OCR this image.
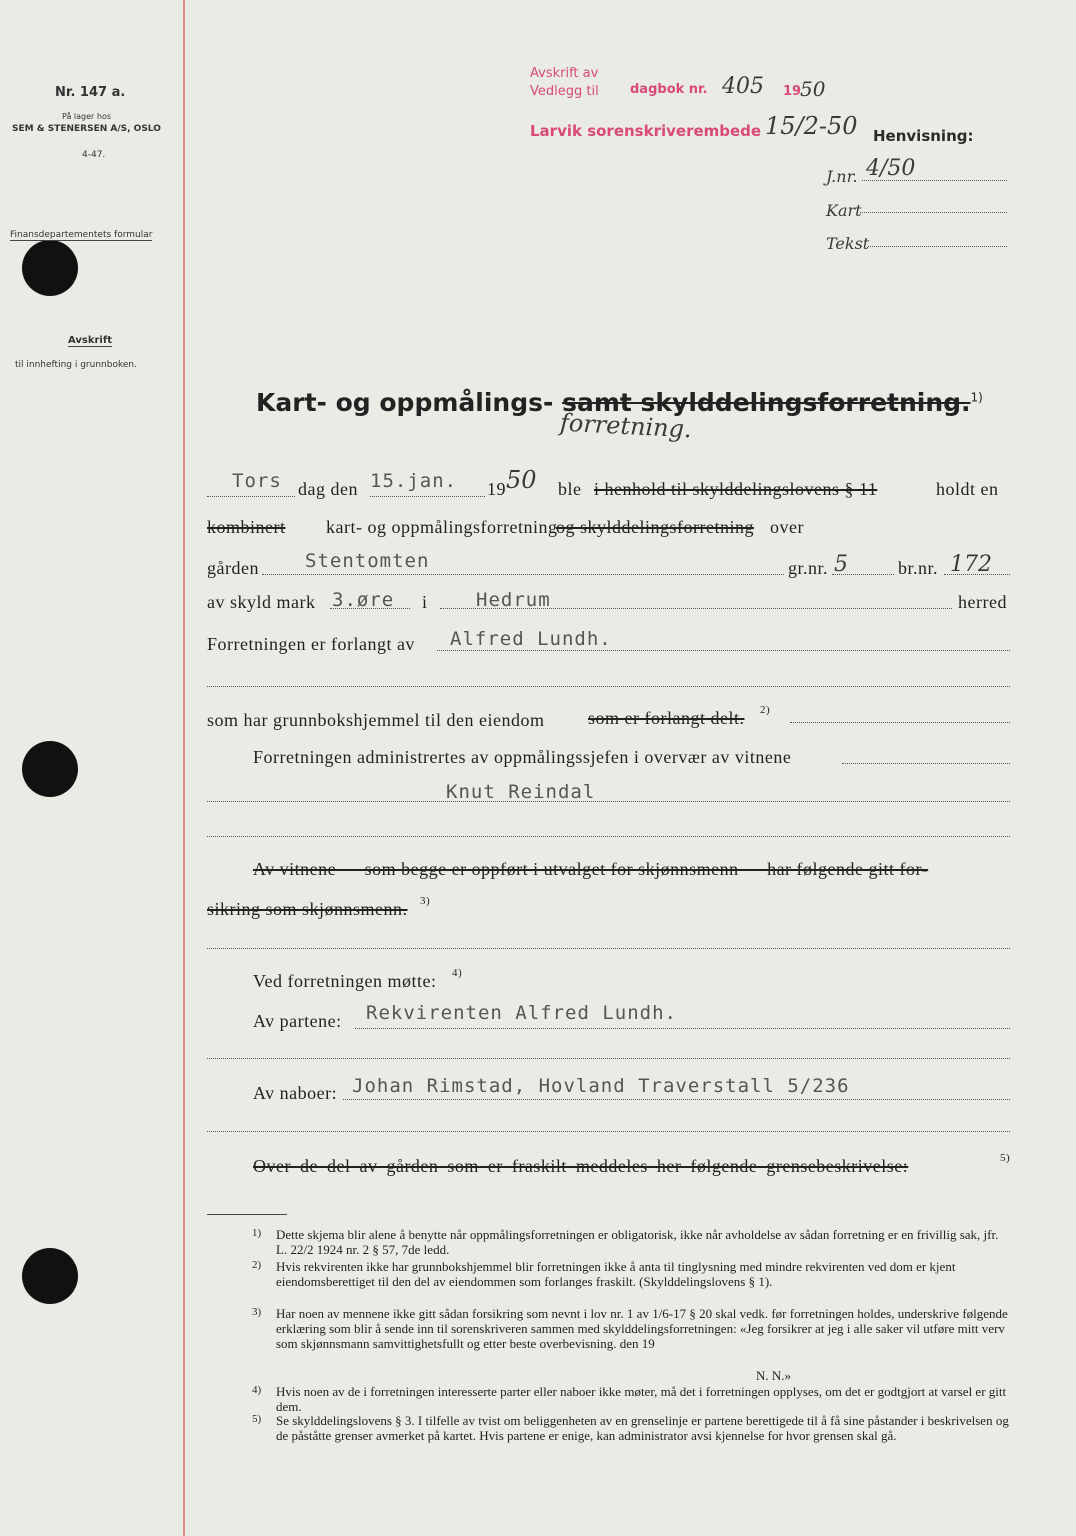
Nr. 147 a.
På lager hos
SEM & STENERSEN A/S, OSLO
4-47.
Finansdepartementets formular
Avskrift
til innhefting i grunnboken.
Avskrift av
Vedlegg til dagbok nr. 405 19
50
Larvik sorenskriverembede 15/2-50 Henvisning:
J.nr. 4/50
Kart
Tekst
Kart- og oppmålings- samt skylddelingsforretning.$^{1)}$
forretning.
Tors dag den 15.jan. 19 50 ble i henhold til skylddelingslovens § 11	holdt en
kombinert kart- og oppmålingsforretning
og skylddelingsforretning over
gården Stentomten	gr.nr. 5	br.nr. 172
av skyld mark 3.øre i	Hedrum	herred
Forretningen er forlangt av Alfred Lundh.
som har grunnbokshjemmel til den eiendom som er forlangt delt. 2)
Forretningen administrertes av oppmålingssjefen i overvær av vitnene
Knut Reindal
Av vitnene — som begge er oppført i utvalget for skjønnsmenn — har følgende gitt for-
sikring som skjønnsmenn. 3)
Ved forretningen møtte: 4)
Av partene: Rekvirenten Alfred Lundh.
Av naboer: Johan Rimstad, Hovland Traverstall 5/236
Over de del av gården som er fraskilt meddeles her følgende grensebeskrivelse:	5)
1) Dette skjema blir alene å benytte når oppmålingsforretningen er obligatorisk, ikke når avholdelse av sådan forretning er en frivillig sak, jfr. L. 22/2 1924 nr. 2 § 57, 7de ledd.
2) Hvis rekvirenten ikke har grunnbokshjemmel blir forretningen ikke å anta til tinglysning med mindre rekvirenten ved dom er kjent eiendomsberettiget til den del av eiendommen som forlanges fraskilt. (Skylddelingslovens § 1).
3) Har noen av mennene ikke gitt sådan forsikring som nevnt i lov nr. 1 av 1/6-17 § 20 skal vedk. før forretningen holdes, underskrive følgende erklæring som blir å sende inn til sorenskriveren sammen med skylddelingsforretningen: «Jeg forsikrer at jeg i alle saker vil utføre mitt verv som skjønnsmann samvittighetsfullt og etter beste overbevisning. den 19
N. N.»
4) Hvis noen av de i forretningen interesserte parter eller naboer ikke møter, må det i forretningen opplyses, om det er godtgjort at varsel er gitt dem.
5) Se skylddelingslovens § 3. I tilfelle av tvist om beliggenheten av en grenselinje er partene berettigede til å få sine påstander i beskrivelsen og de påståtte grenser avmerket på kartet. Hvis partene er enige, kan administrator avsi kjennelse for hvor grensen skal gå.
